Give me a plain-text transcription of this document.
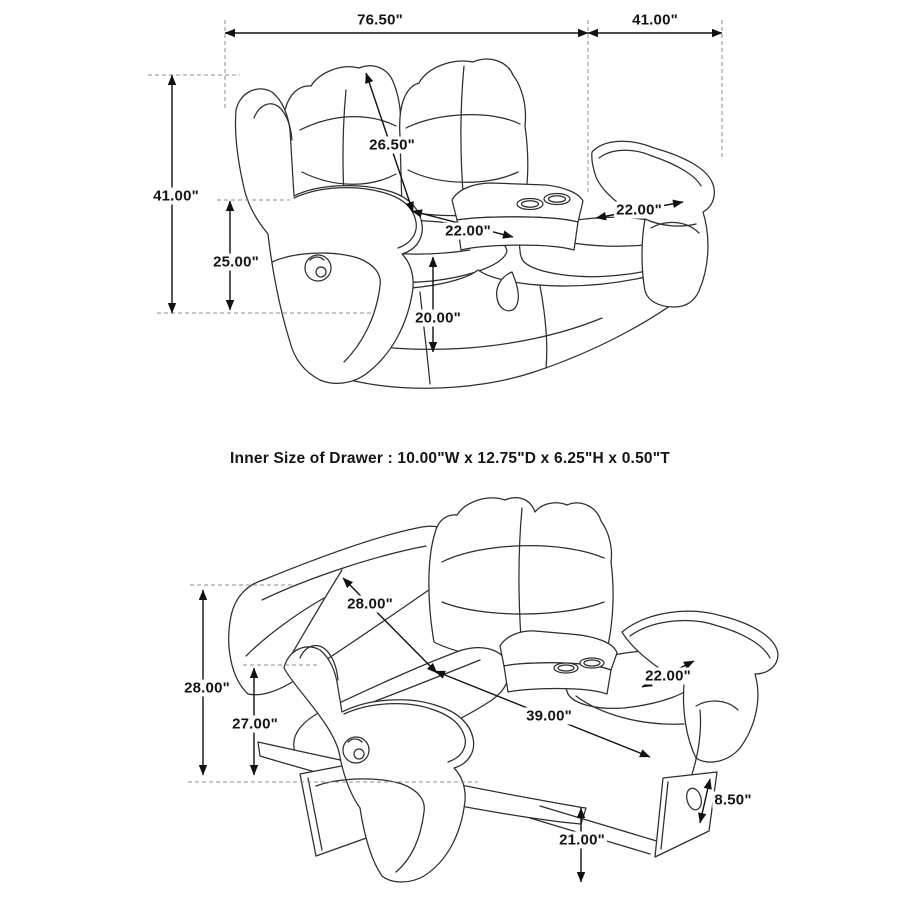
76.50"	41.00"
41.00"
25.00"
26.50"
22.00"
22.00"
20.00"
Inner Size of Drawer : 10.00"W x 12.75"D x 6.25"H x 0.50"T
28.00"
28.00"
27.00"
22.00"
39.00"
21.00"
8.50"
